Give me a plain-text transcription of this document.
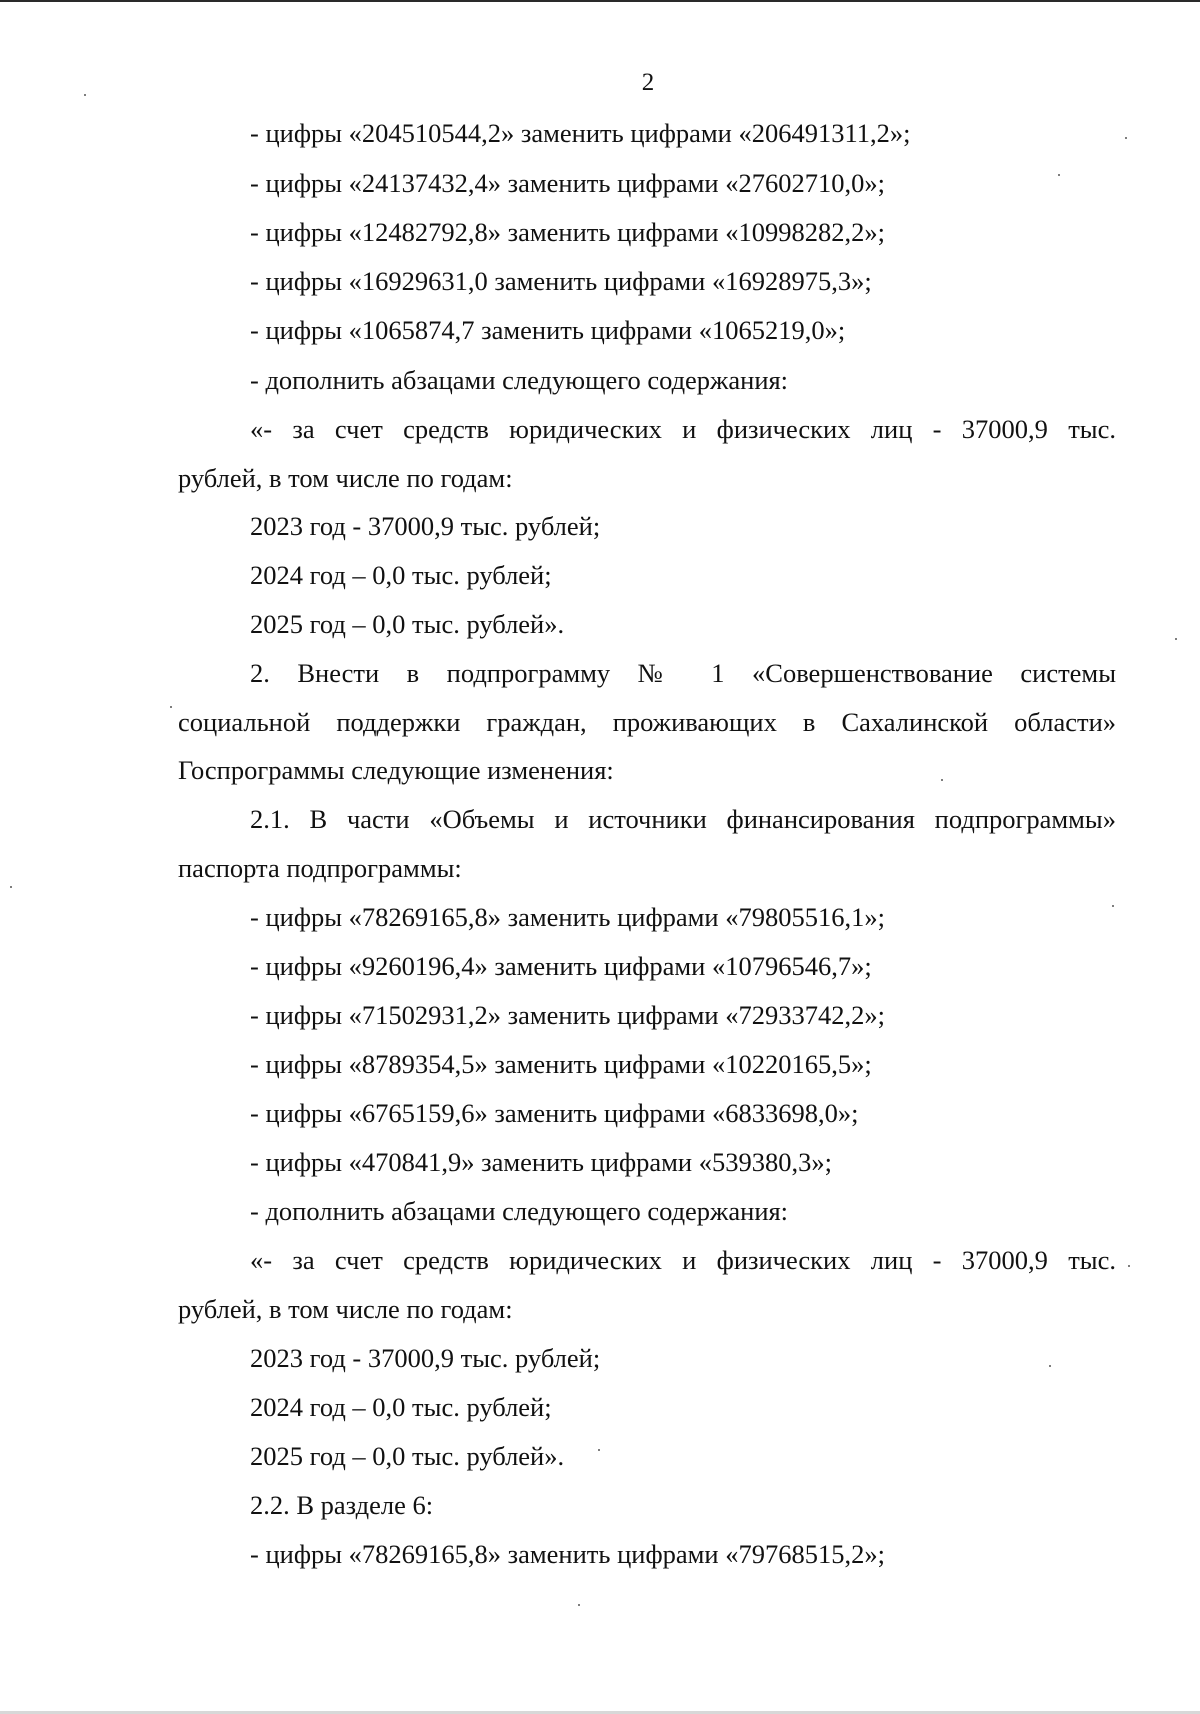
2
- цифры «204510544,2» заменить цифрами «206491311,2»;
- цифры «24137432,4» заменить цифрами «27602710,0»;
- цифры «12482792,8» заменить цифрами «10998282,2»;
- цифры «16929631,0 заменить цифрами «16928975,3»;
- цифры «1065874,7 заменить цифрами «1065219,0»;
- дополнить абзацами следующего содержания:
«- за счет средств юридических и физических лиц - 37000,9 тыс.
рублей, в том числе по годам:
2023 год - 37000,9 тыс. рублей;
2024 год – 0,0 тыс. рублей;
2025 год – 0,0 тыс. рублей».
2. Внести в подпрограмму № 1 «Совершенствование системы
социальной поддержки граждан, проживающих в Сахалинской области»
Госпрограммы следующие изменения:
2.1. В части «Объемы и источники финансирования подпрограммы»
паспорта подпрограммы:
- цифры «78269165,8» заменить цифрами «79805516,1»;
- цифры «9260196,4» заменить цифрами «10796546,7»;
- цифры «71502931,2» заменить цифрами «72933742,2»;
- цифры «8789354,5» заменить цифрами «10220165,5»;
- цифры «6765159,6» заменить цифрами «6833698,0»;
- цифры «470841,9» заменить цифрами «539380,3»;
- дополнить абзацами следующего содержания:
«- за счет средств юридических и физических лиц - 37000,9 тыс.
рублей, в том числе по годам:
2023 год - 37000,9 тыс. рублей;
2024 год – 0,0 тыс. рублей;
2025 год – 0,0 тыс. рублей».
2.2. В разделе 6:
- цифры «78269165,8» заменить цифрами «79768515,2»;
